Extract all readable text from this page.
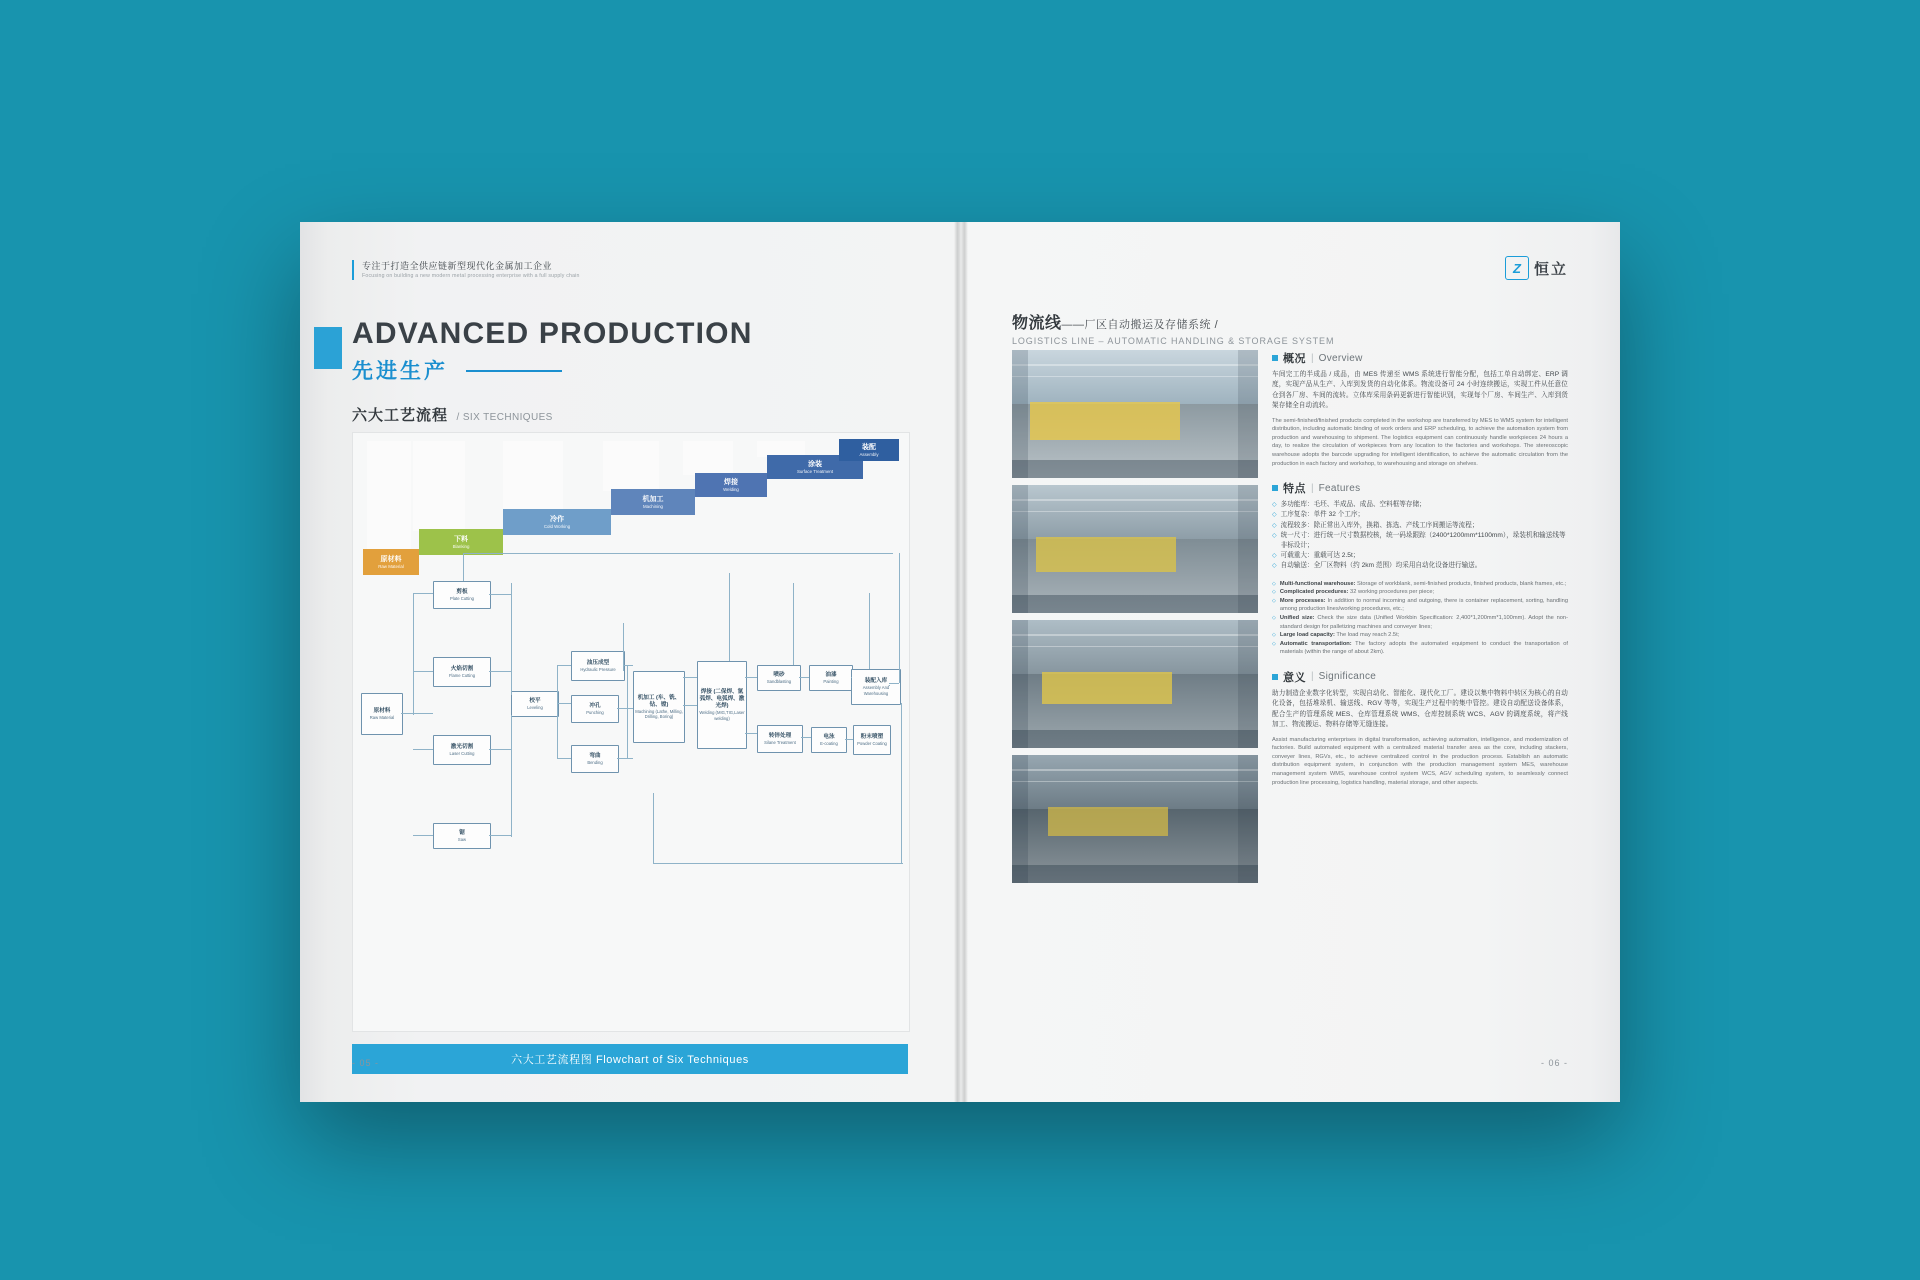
专注于打造全供应链新型现代化金属加工企业
Focusing on building a new modern metal processing enterprise with a full supply chain
ADVANCED PRODUCTION
先进生产
六大工艺流程 / SIX TECHNIQUES
原材料
Raw Material
下料
Blanking
冷作
Cold Working
机加工
Machining
焊接
Welding
涂装
Surface Treatment
装配
Assembly
原材料
Raw Material
剪板
Plate Cutting
火焰切割
Flame Cutting
激光切割
Laser Cutting
锯
Saw
校平
Leveling
油压成型
Hydraulic Pressure
冲孔
Punching
弯曲
Bending
机加工 (车、铣、钻、镗)
Machining (Lathe, Milling, Drilling, Boring)
焊接 (二保焊、氩弧焊、电弧焊、激光焊)
Welding (MIG,TIG,Laser welding)
喷砂
Sandblasting
油漆
Painting
转锌处理
Silane Treatment
电泳
E-coating
粉末喷塑
Powder Coating
装配入库
Assembly And Warehousing
六大工艺流程图 Flowchart of Six Techniques
- 05 -
Z 恒立
物流线——厂区自动搬运及存储系统 /
LOGISTICS LINE – AUTOMATIC HANDLING & STORAGE SYSTEM
概况 | Overview
车间完工的半成品 / 成品，由 MES 传递至 WMS 系统进行智能分配，包括工单自动绑定、ERP 调度，实现产品从生产、入库到发货的自动化体系。物流设备可 24 小时连续搬运，实现工件从任意位仓到各厂房、车间的流转。立体库采用条码更新进行智能识别，实现每个厂房、车间生产、入库到货架存储全自动流转。
The semi-finished/finished products completed in the workshop are transferred by MES to WMS system for intelligent distribution, including automatic binding of work orders and ERP scheduling, to achieve the automation system from production and warehousing to shipment. The logistics equipment can continuously handle workpieces 24 hours a day, to realize the circulation of workpieces from any location to the factories and workshops. The stereoscopic warehouse adopts the barcode upgrading for intelligent identification, to achieve the automatic circulation from the production in each factory and workshop, to warehousing and storage on shelves.
特点 | Features
◇ 多功能库：毛坯、半成品、成品、空料框等存储；
◇ 工序复杂：单件 32 个工序；
◇ 流程较多：除正常出入库外，换箱、拣选、产线工序间搬运等流程；
◇ 统一尺寸：进行统一尺寸数据校核，统一码垛跟踪（2400*1200mm*1100mm），垛装机和输送线等非标设计；
◇ 可载重大：重载可达 2.5t；
◇ 自动输送：全厂区物料（约 2km 范围）均采用自动化设备进行输送。
◇ Multi-functional warehouse: Storage of workblank, semi-finished products, finished products, blank frames, etc.;
◇ Complicated procedures: 32 working procedures per piece;
◇ More processes: In addition to normal incoming and outgoing, there is container replacement, sorting, handling among production lines/working procedures, etc.;
◇ Unified size: Check the size data (Unified Workbin Specification: 2,400*1,200mm*1,100mm). Adopt the non-standard design for palletizing machines and conveyer lines;
◇ Large load capacity: The load may reach 2.5t;
◇ Automatic transportation: The factory adopts the automated equipment to conduct the transportation of materials (within the range of about 2km).
意义 | Significance
助力制造企业数字化转型，实现自动化、智能化、现代化工厂。建设以集中物料中转区为核心的自动化设备，包括堆垛机、输送线、RGV 等等，实现生产过程中的集中管控。建设自动配送设备体系，配合生产的管理系统 MES、仓库管理系统 WMS、仓库控制系统 WCS、AGV 的调度系统，将产线加工、物流搬运、物料存储等无缝连接。
Assist manufacturing enterprises in digital transformation, achieving automation, intelligence, and modernization of factories. Build automated equipment with a centralized material transfer area as the core, including stackers, conveyer lines, RGVs, etc., to achieve centralized control in the production process. Establish an automatic distribution equipment system, in conjunction with the production management system MES, warehouse management system WMS, warehouse control system WCS, AGV scheduling system, to seamlessly connect production line processing, logistics handling, material storage, and other aspects.
- 06 -
